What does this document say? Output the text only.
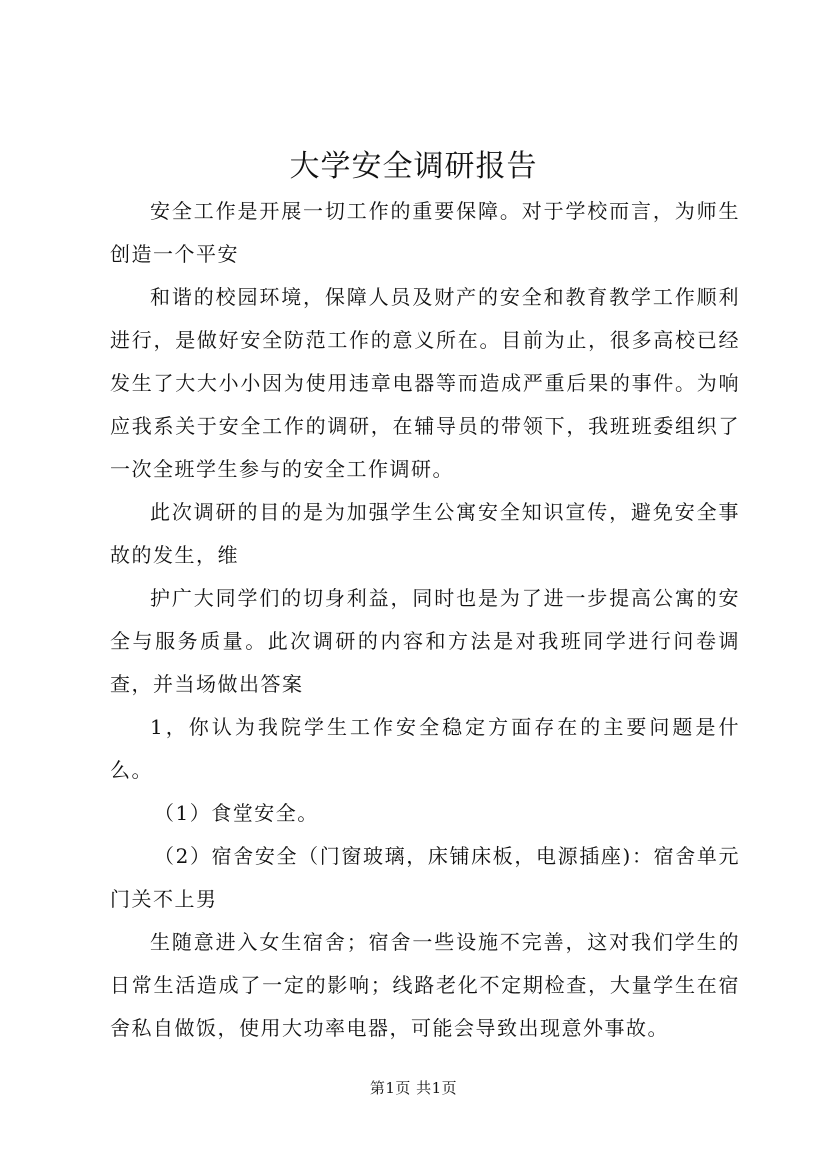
大学安全调研报告

安全工作是开展一切工作的重要保障。对于学校而言，为师生创造一个平安

和谐的校园环境，保障人员及财产的安全和教育教学工作顺利进行，是做好安全防范工作的意义所在。目前为止，很多高校已经发生了大大小小因为使用违章电器等而造成严重后果的事件。为响应我系关于安全工作的调研，在辅导员的带领下，我班班委组织了一次全班学生参与的安全工作调研。

此次调研的目的是为加强学生公寓安全知识宣传，避免安全事故的发生，维

护广大同学们的切身利益，同时也是为了进一步提高公寓的安全与服务质量。此次调研的内容和方法是对我班同学进行问卷调查，并当场做出答案

1，你认为我院学生工作安全稳定方面存在的主要问题是什么。

（1）食堂安全。

（2）宿舍安全（门窗玻璃，床铺床板，电源插座)：宿舍单元门关不上男

生随意进入女生宿舍；宿舍一些设施不完善，这对我们学生的日常生活造成了一定的影响；线路老化不定期检查，大量学生在宿舍私自做饭，使用大功率电器，可能会导致出现意外事故。

第1页 共1页
